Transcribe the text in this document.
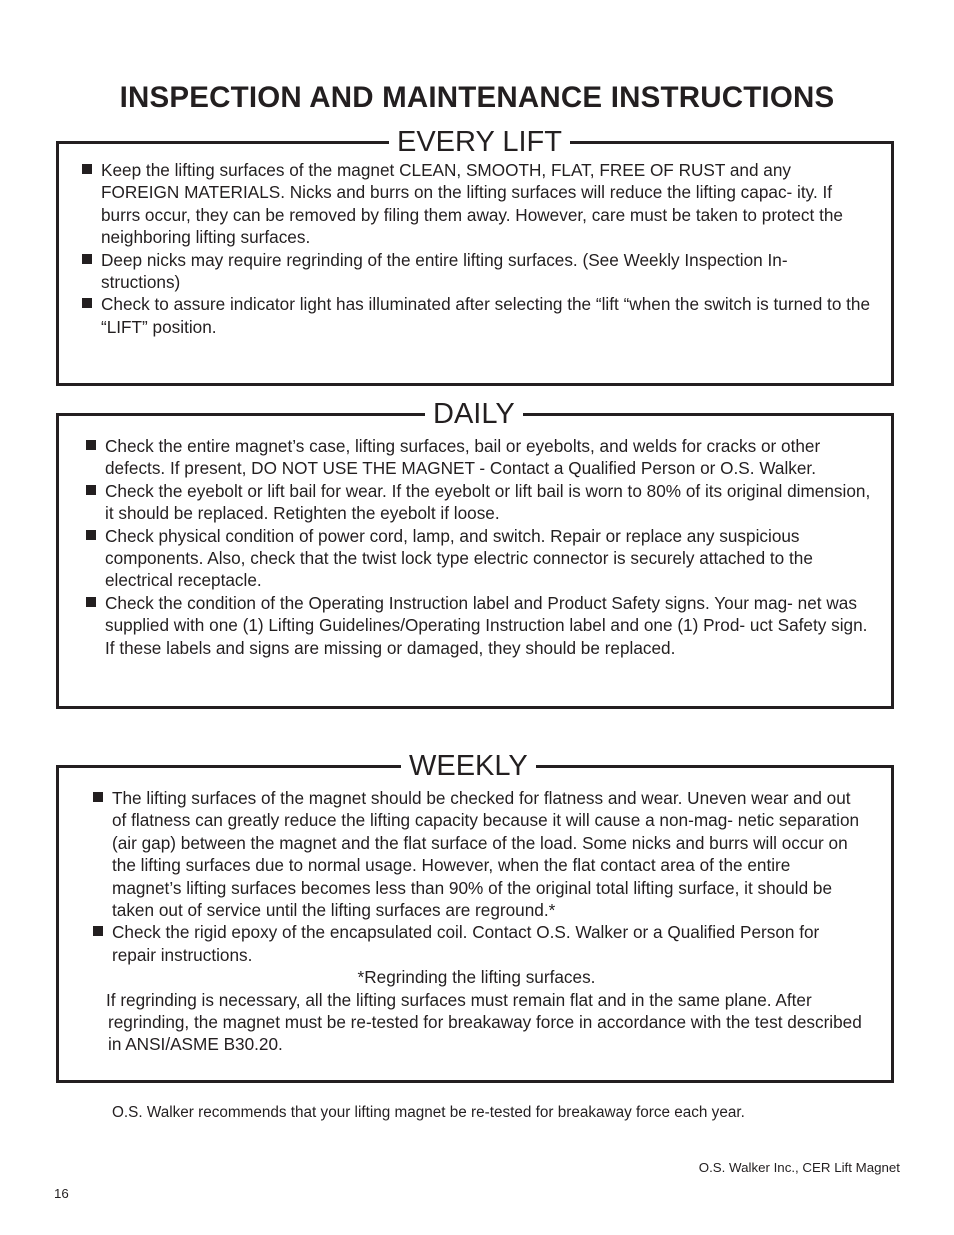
INSPECTION AND MAINTENANCE INSTRUCTIONS
EVERY LIFT

Keep the lifting surfaces of the magnet CLEAN, SMOOTH, FLAT, FREE OF RUST and any FOREIGN MATERIALS. Nicks and burrs on the lifting surfaces will reduce the lifting capac- ity. If burrs occur, they can be removed by filing them away. However, care must be taken to protect the neighboring lifting surfaces.

Deep nicks may require regrinding of the entire lifting surfaces. (See Weekly Inspection In- structions)

Check to assure indicator light has illuminated after selecting the “lift “when the switch is turned to the “LIFT” position.

DAILY

Check the entire magnet’s case, lifting surfaces, bail or eyebolts, and welds for cracks or other defects. If present, DO NOT USE THE MAGNET - Contact a Qualified Person or O.S. Walker.

Check the eyebolt or lift bail for wear. If the eyebolt or lift bail is worn to 80% of its original dimension, it should be replaced. Retighten the eyebolt if loose.

Check physical condition of power cord, lamp, and switch. Repair or replace any suspicious components. Also, check that the twist lock type electric connector is securely attached to the electrical receptacle.

Check the condition of the Operating Instruction label and Product Safety signs. Your mag- net was supplied with one (1) Lifting Guidelines/Operating Instruction label and one (1) Prod- uct Safety sign. If these labels and signs are missing or damaged, they should be replaced.

WEEKLY

The lifting surfaces of the magnet should be checked for flatness and wear. Uneven wear and out of flatness can greatly reduce the lifting capacity because it will cause a non-mag- netic separation (air gap) between the magnet and the flat surface of the load. Some nicks and burrs will occur on the lifting surfaces due to normal usage. However, when the flat contact area of the entire magnet’s lifting surfaces becomes less than 90% of the original total lifting surface, it should be taken out of service until the lifting surfaces are reground.*

Check the rigid epoxy of the encapsulated coil. Contact O.S. Walker or a Qualified Person for repair instructions.

*Regrinding the lifting surfaces.

If regrinding is necessary, all the lifting surfaces must remain flat and in the same plane. After regrinding, the magnet must be re-tested for breakaway force in accordance with the test described in ANSI/ASME B30.20.

O.S. Walker recommends that your lifting magnet be re-tested for breakaway force each year.

O.S. Walker Inc., CER Lift Magnet

16
